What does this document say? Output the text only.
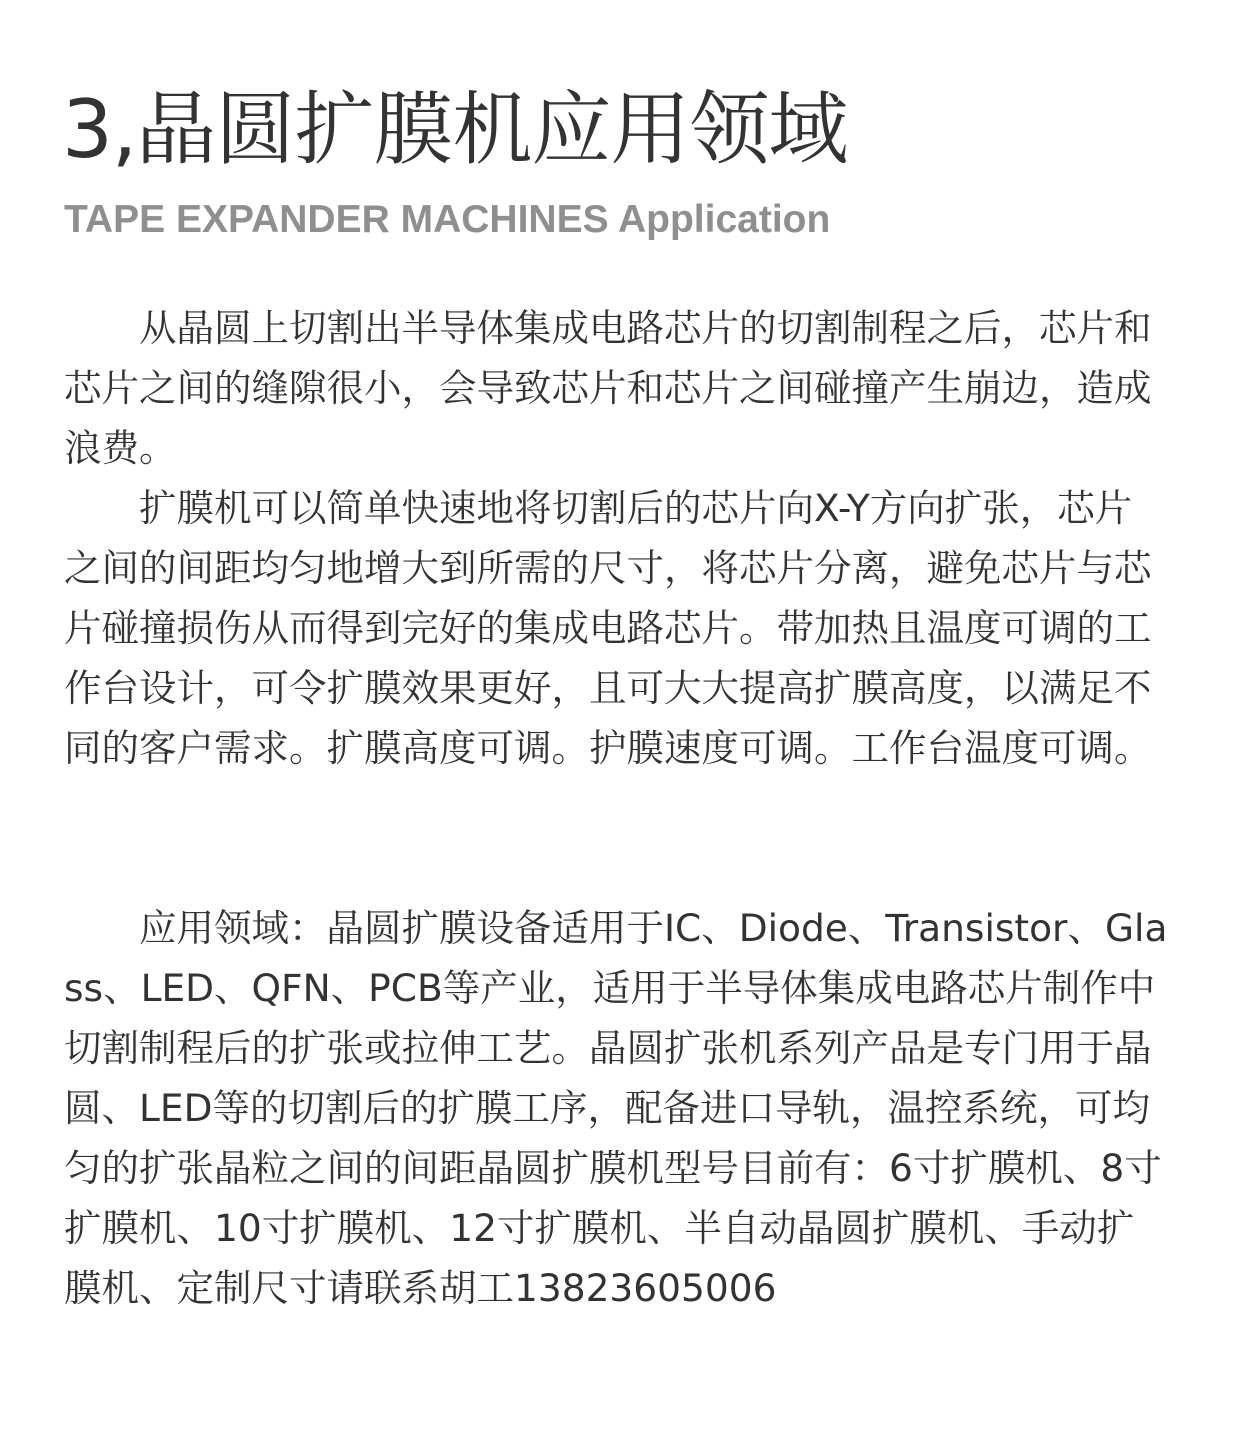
3,晶圆扩膜机应用领域
TAPE EXPANDER MACHINES Application

从晶圆上切割出半导体集成电路芯片的切割制程之后，芯片和芯片之间的缝隙很小，会导致芯片和芯片之间碰撞产生崩边，造成浪费。

扩膜机可以简单快速地将切割后的芯片向X-Y方向扩张，芯片之间的间距均匀地增大到所需的尺寸，将芯片分离，避免芯片与芯片碰撞损伤从而得到完好的集成电路芯片。带加热且温度可调的工作台设计，可令扩膜效果更好，且可大大提高扩膜高度，以满足不同的客户需求。扩膜高度可调。护膜速度可调。工作台温度可调。

应用领域：晶圆扩膜设备适用于IC、Diode、Transistor、Glass、LED、QFN、PCB等产业，适用于半导体集成电路芯片制作中切割制程后的扩张或拉伸工艺。晶圆扩张机系列产品是专门用于晶圆、LED等的切割后的扩膜工序，配备进口导轨，温控系统，可均匀的扩张晶粒之间的间距晶圆扩膜机型号目前有：6寸扩膜机、8寸扩膜机、10寸扩膜机、12寸扩膜机、半自动晶圆扩膜机、手动扩膜机、定制尺寸请联系胡工13823605006
